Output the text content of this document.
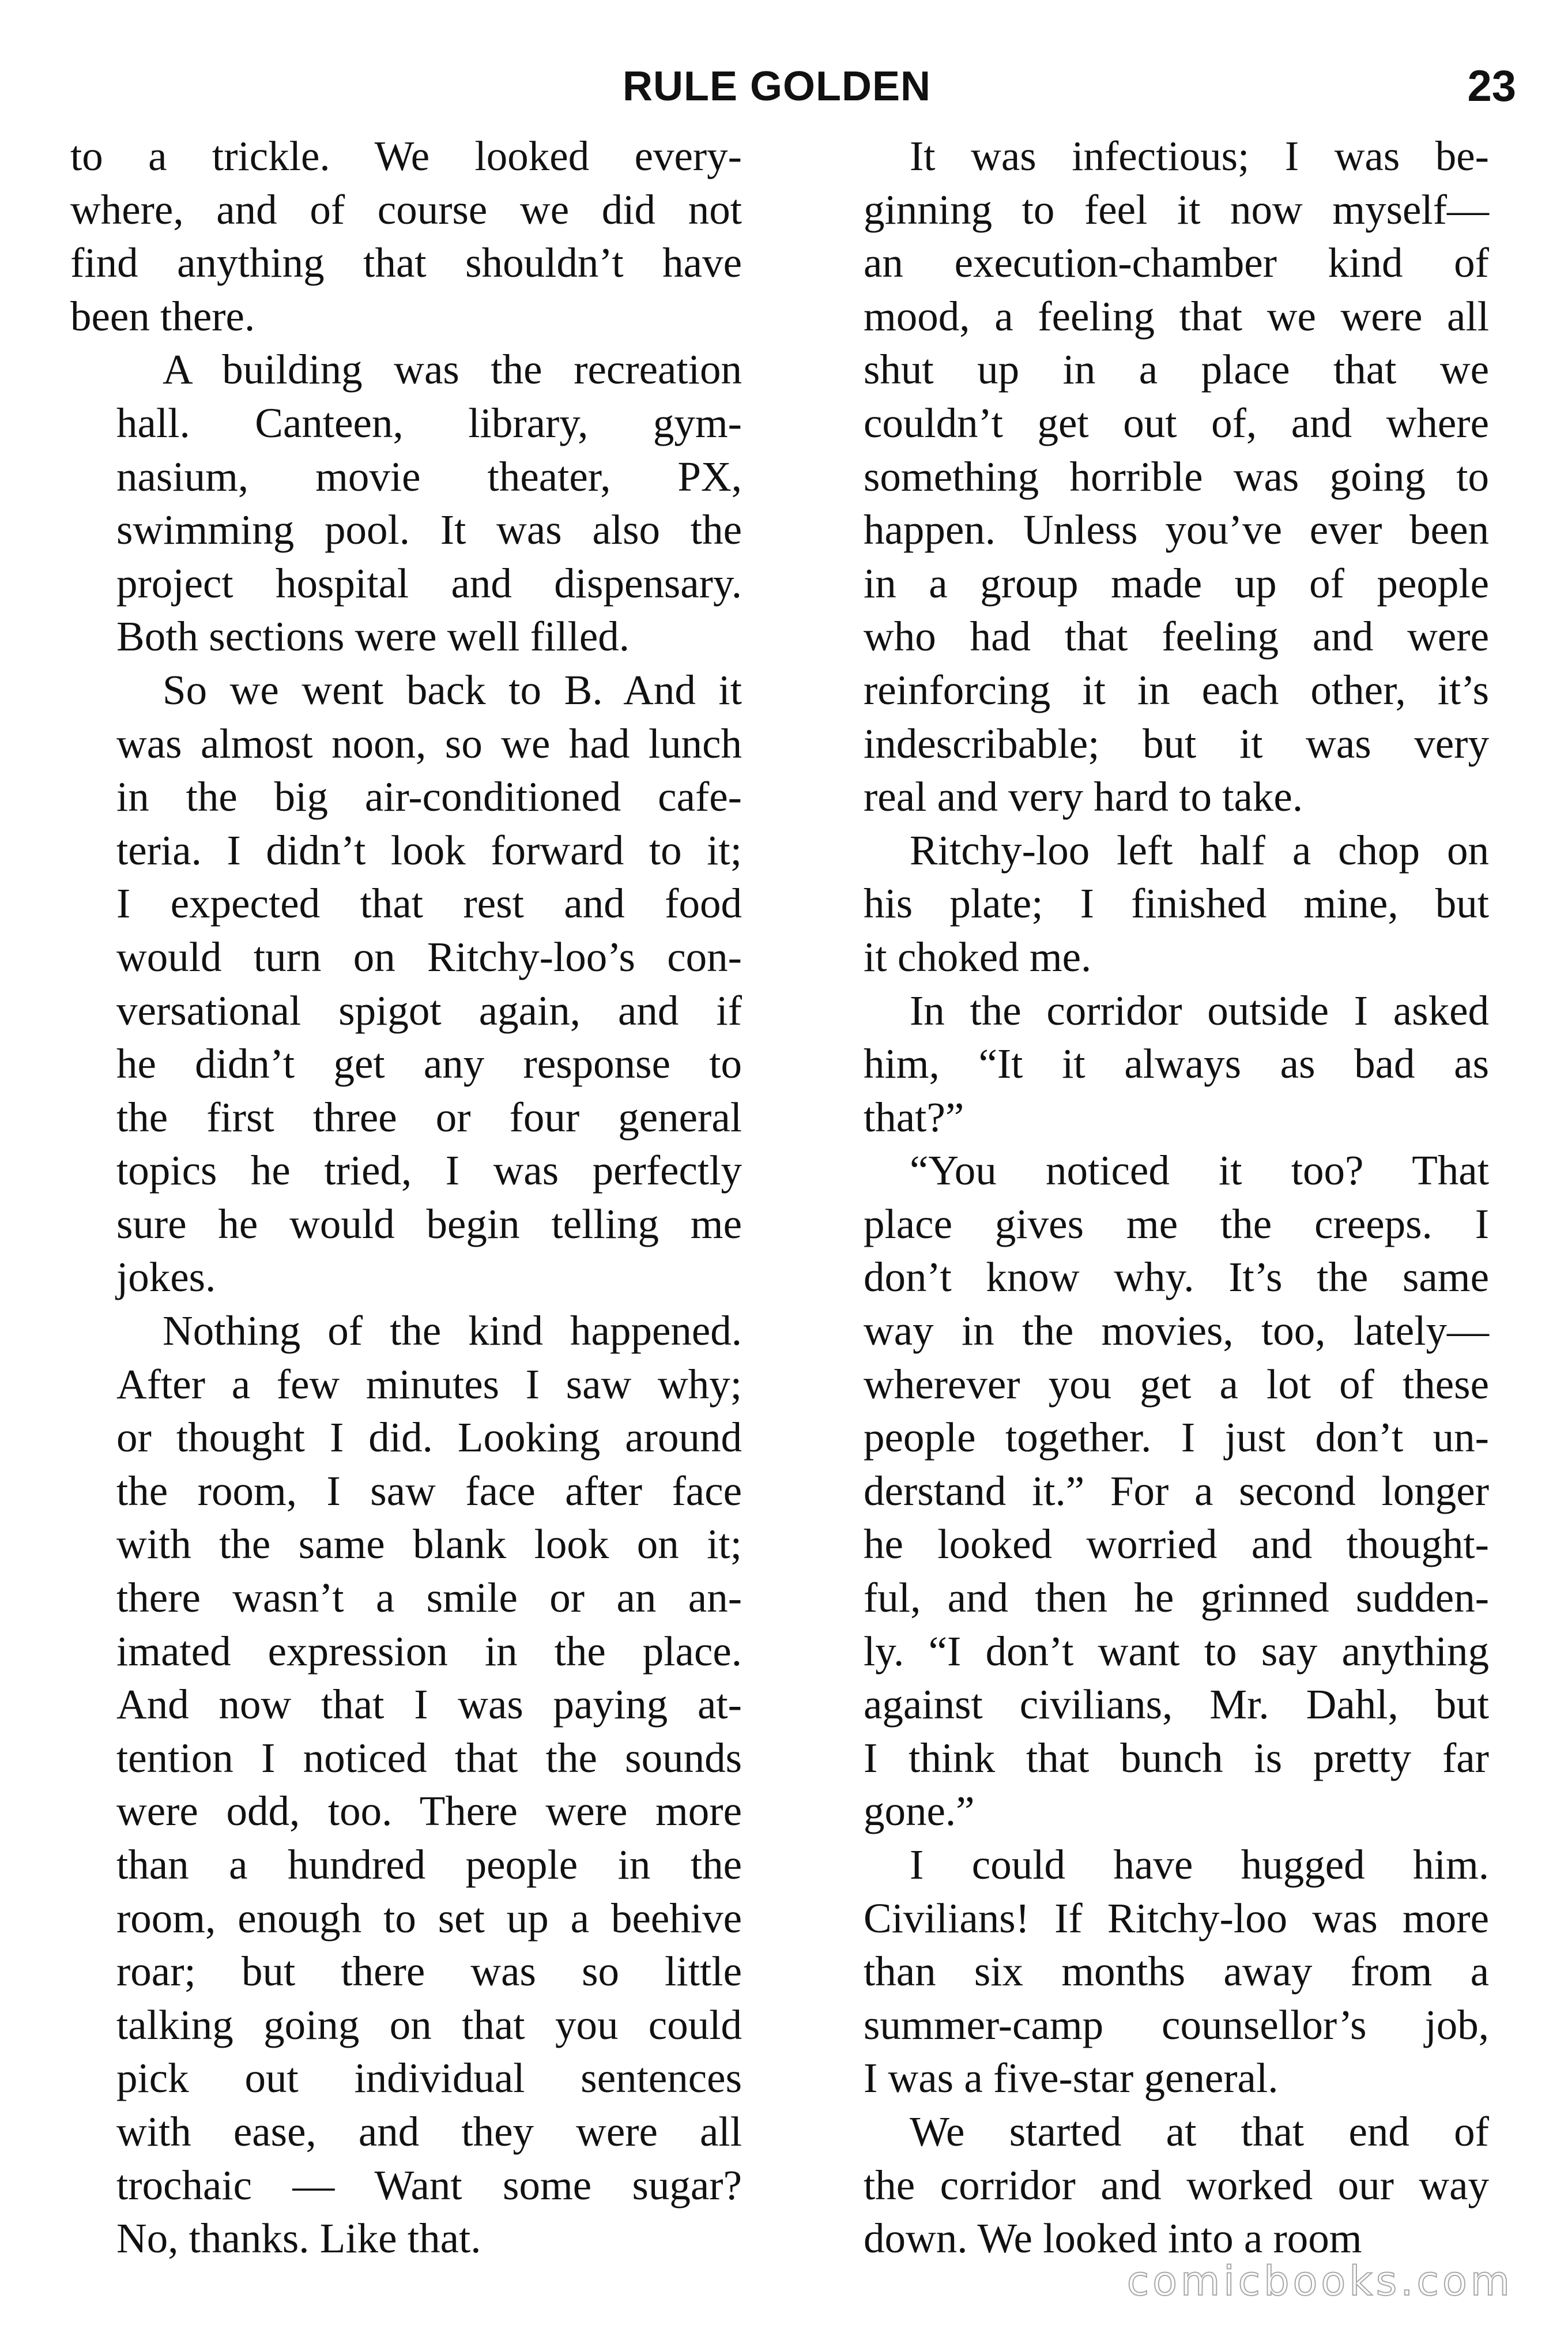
RULE GOLDEN	23

to a trickle. We looked every-
where, and of course we did not
find anything that shouldn’t have
been there.

A building was the recreation
hall. Canteen, library, gym-
nasium, movie theater, PX,
swimming pool. It was also the
project hospital and dispensary.
Both sections were well filled.

So we went back to B. And it
was almost noon, so we had lunch
in the big air-conditioned cafe-
teria. I didn’t look forward to it;
I expected that rest and food
would turn on Ritchy-loo’s con-
versational spigot again, and if
he didn’t get any response to
the first three or four general
topics he tried, I was perfectly
sure he would begin telling me
jokes.

Nothing of the kind happened.
After a few minutes I saw why;
or thought I did. Looking around
the room, I saw face after face
with the same blank look on it;
there wasn’t a smile or an an-
imated expression in the place.
And now that I was paying at-
tention I noticed that the sounds
were odd, too. There were more
than a hundred people in the
room, enough to set up a beehive
roar; but there was so little
talking going on that you could
pick out individual sentences
with ease, and they were all
trochaic — Want some sugar?
No, thanks. Like that.

It was infectious; I was be-
ginning to feel it now myself—
an execution-chamber kind of
mood, a feeling that we were all
shut up in a place that we
couldn’t get out of, and where
something horrible was going to
happen. Unless you’ve ever been
in a group made up of people
who had that feeling and were
reinforcing it in each other, it’s
indescribable; but it was very
real and very hard to take.

Ritchy-loo left half a chop on
his plate; I finished mine, but
it choked me.

In the corridor outside I asked
him, “It it always as bad as
that?”

“You noticed it too? That
place gives me the creeps. I
don’t know why. It’s the same
way in the movies, too, lately—
wherever you get a lot of these
people together. I just don’t un-
derstand it.” For a second longer
he looked worried and thought-
ful, and then he grinned sudden-
ly. “I don’t want to say anything
against civilians, Mr. Dahl, but
I think that bunch is pretty far
gone.”

I could have hugged him.
Civilians! If Ritchy-loo was more
than six months away from a
summer-camp counsellor’s job,
I was a five-star general.

We started at that end of
the corridor and worked our way
down. We looked into a room

comicbooks.com
